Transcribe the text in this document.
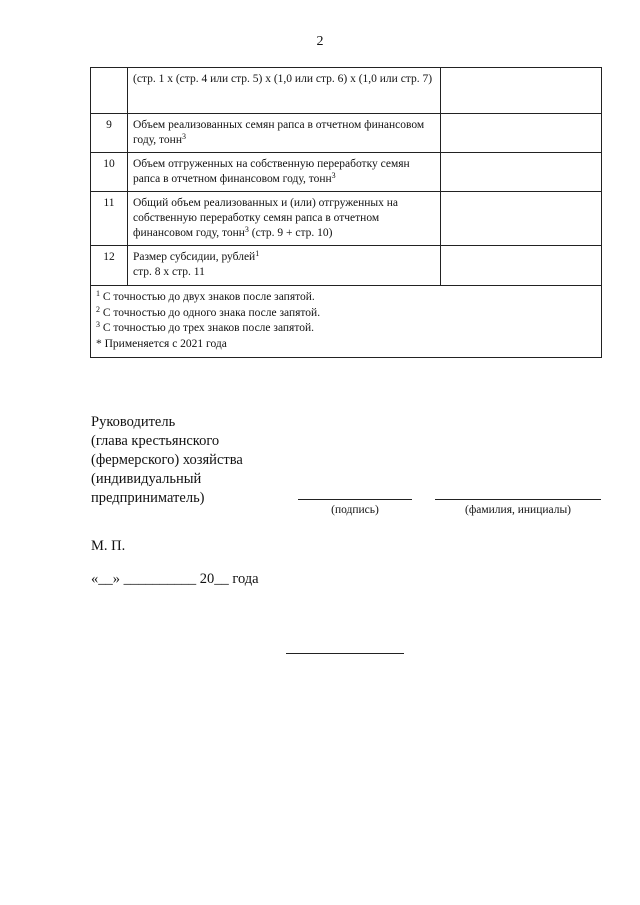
2
	(стр. 1 х (стр. 4 или стр. 5) х (1,0 или стр. 6) х (1,0 или стр. 7)	
9	Объем реализованных семян рапса в отчетном финансовом году, тонн$^3$	
10	Объем отгруженных на собственную переработку семян рапса в отчетном финансовом году, тонн$^3$	
11	Общий объем реализованных и (или) отгруженных на собственную переработку семян рапса в отчетном финансовом году, тонн$^3$ (стр. 9 + стр. 10)	
12	Размер субсидии, рублей$^1$
стр. 8 х стр. 11	

$^1$ С точностью до двух знаков после запятой.
$^2$ С точностью до одного знака после запятой.
$^3$ С точностью до трех знаков после запятой.
* Применяется с 2021 года		
Руководитель
(глава крестьянского
(фермерского) хозяйства
(индивидуальный
предприниматель)
(подпись)	(фамилия, инициалы)
М. П.
«__» __________ 20__ года
